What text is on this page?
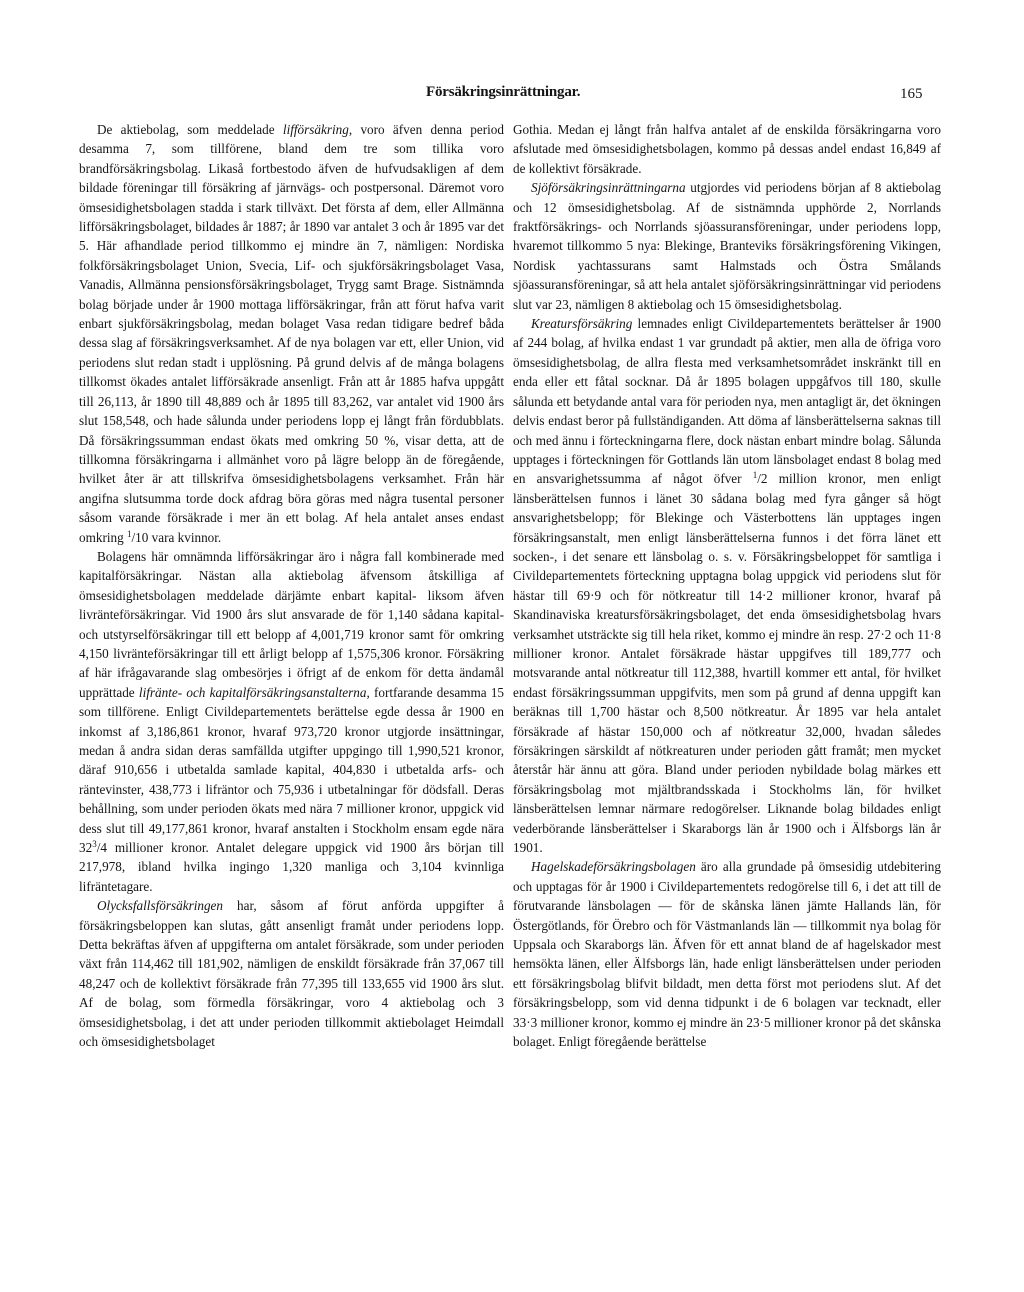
Försäkringsinrättningar.	165

De aktiebolag, som meddelade lifförsäkring, voro äfven denna period desamma 7, som tillförene, bland dem tre som tillika voro brandförsäkringsbolag. Likaså fortbestodo äfven de hufvudsakligen af dem bildade föreningar till försäkring af järnvägs- och postpersonal. Däremot voro ömsesidighetsbolagen stadda i stark tillväxt. Det första af dem, eller Allmänna lifförsäkringsbolaget, bildades år 1887; år 1890 var antalet 3 och år 1895 var det 5. Här afhandlade period tillkommo ej mindre än 7, nämligen: Nordiska folkförsäkringsbolaget Union, Svecia, Lif- och sjukförsäkringsbolaget Vasa, Vanadis, Allmänna pensionsförsäkringsbolaget, Trygg samt Brage. Sistnämnda bolag började under år 1900 mottaga lifförsäkringar, från att förut hafva varit enbart sjukförsäkringsbolag, medan bolaget Vasa redan tidigare bedref båda dessa slag af försäkringsverksamhet. Af de nya bolagen var ett, eller Union, vid periodens slut redan stadt i upplösning. På grund delvis af de många bolagens tillkomst ökades antalet lifförsäkrade ansenligt. Från att år 1885 hafva uppgått till 26,113, år 1890 till 48,889 och år 1895 till 83,262, var antalet vid 1900 års slut 158,548, och hade sålunda under periodens lopp ej långt från fördubblats. Då försäkringssumman endast ökats med omkring 50 %, visar detta, att de tillkomna försäkringarna i allmänhet voro på lägre belopp än de föregående, hvilket åter är att tillskrifva ömsesidighetsbolagens verksamhet. Från här angifna slutsumma torde dock afdrag böra göras med några tusental personer såsom varande försäkrade i mer än ett bolag. Af hela antalet anses endast omkring $^1$/10 vara kvinnor.

Bolagens här omnämnda lifförsäkringar äro i några fall kombinerade med kapitalförsäkringar. Nästan alla aktiebolag äfvensom åtskilliga af ömsesidighetsbolagen meddelade därjämte enbart kapital- liksom äfven livränteförsäkringar. Vid 1900 års slut ansvarade de för 1,140 sådana kapital- och utstyrselförsäkringar till ett belopp af 4,001,719 kronor samt för omkring 4,150 livränteförsäkringar till ett årligt belopp af 1,575,306 kronor. Försäkring af här ifrågavarande slag ombesörjes i öfrigt af de enkom för detta ändamål upprättade lifränte- och kapitalförsäkringsanstalterna, fortfarande desamma 15 som tillförene. Enligt Civildepartementets berättelse egde dessa år 1900 en inkomst af 3,186,861 kronor, hvaraf 973,720 kronor utgjorde insättningar, medan å andra sidan deras samfällda utgifter uppgingo till 1,990,521 kronor, däraf 910,656 i utbetalda samlade kapital, 404,830 i utbetalda arfs- och räntevinster, 438,773 i lifräntor och 75,936 i utbetalningar för dödsfall. Deras behållning, som under perioden ökats med nära 7 millioner kronor, uppgick vid dess slut till 49,177,861 kronor, hvaraf anstalten i Stockholm ensam egde nära $32^3/4$ millioner kronor. Antalet delegare uppgick vid 1900 års början till 217,978, ibland hvilka ingingo 1,320 manliga och 3,104 kvinnliga lifräntetagare.

Olycksfallsförsäkringen har, såsom af förut anförda uppgifter å försäkringsbeloppen kan slutas, gått ansenligt framåt under periodens lopp. Detta bekräftas äfven af uppgifterna om antalet försäkrade, som under perioden växt från 114,462 till 181,902, nämligen de enskildt försäkrade från 37,067 till 48,247 och de kollektivt försäkrade från 77,395 till 133,655 vid 1900 års slut. Af de bolag, som förmedla försäkringar, voro 4 aktiebolag och 3 ömsesidighetsbolag, i det att under perioden tillkommit aktiebolaget Heimdall och ömsesidighetsbolaget

Gothia. Medan ej långt från halfva antalet af de enskilda försäkringarna voro afslutade med ömsesidighetsbolagen, kommo på dessas andel endast 16,849 af de kollektivt försäkrade.

Sjöförsäkringsinrättningarna utgjordes vid periodens början af 8 aktiebolag och 12 ömsesidighetsbolag. Af de sistnämnda upphörde 2, Norrlands fraktförsäkrings- och Norrlands sjöassuransföreningar, under periodens lopp, hvaremot tillkommo 5 nya: Blekinge, Branteviks försäkringsförening Vikingen, Nordisk yachtassurans samt Halmstads och Östra Smålands sjöassuransföreningar, så att hela antalet sjöförsäkringsinrättningar vid periodens slut var 23, nämligen 8 aktiebolag och 15 ömsesidighetsbolag.

Kreatursförsäkring lemnades enligt Civildepartementets berättelser år 1900 af 244 bolag, af hvilka endast 1 var grundadt på aktier, men alla de öfriga voro ömsesidighetsbolag, de allra flesta med verksamhetsområdet inskränkt till en enda eller ett fåtal socknar. Då år 1895 bolagen uppgåfvos till 180, skulle sålunda ett betydande antal vara för perioden nya, men antagligt är, det ökningen delvis endast beror på fullständiganden. Att döma af länsberättelserna saknas till och med ännu i förteckningarna flere, dock nästan enbart mindre bolag. Sålunda upptages i förteckningen för Gottlands län utom länsbolaget endast 8 bolag med en ansvarighetssumma af något öfver $^1$/2 million kronor, men enligt länsberättelsen funnos i länet 30 sådana bolag med fyra gånger så högt ansvarighetsbelopp; för Blekinge och Västerbottens län upptages ingen försäkringsanstalt, men enligt länsberättelserna funnos i det förra länet ett socken-, i det senare ett länsbolag o. s. v. Försäkringsbeloppet för samtliga i Civildepartementets förteckning upptagna bolag uppgick vid periodens slut för hästar till 69·9 och för nötkreatur till 14·2 millioner kronor, hvaraf på Skandinaviska kreatursförsäkringsbolaget, det enda ömsesidighetsbolag hvars verksamhet utsträckte sig till hela riket, kommo ej mindre än resp. 27·2 och 11·8 millioner kronor. Antalet försäkrade hästar uppgifves till 189,777 och motsvarande antal nötkreatur till 112,388, hvartill kommer ett antal, för hvilket endast försäkringssumman uppgifvits, men som på grund af denna uppgift kan beräknas till 1,700 hästar och 8,500 nötkreatur. År 1895 var hela antalet försäkrade af hästar 150,000 och af nötkreatur 32,000, hvadan således försäkringen särskildt af nötkreaturen under perioden gått framåt; men mycket återstår här ännu att göra. Bland under perioden nybildade bolag märkes ett försäkringsbolag mot mjältbrandsskada i Stockholms län, för hvilket länsberättelsen lemnar närmare redogörelser. Liknande bolag bildades enligt vederbörande länsberättelser i Skaraborgs län år 1900 och i Älfsborgs län år 1901.

Hagelskadeförsäkringsbolagen äro alla grundade på ömsesidig utdebitering och upptagas för år 1900 i Civildepartementets redogörelse till 6, i det att till de förutvarande länsbolagen — för de skånska länen jämte Hallands län, för Östergötlands, för Örebro och för Västmanlands län — tillkommit nya bolag för Uppsala och Skaraborgs län. Äfven för ett annat bland de af hagelskador mest hemsökta länen, eller Älfsborgs län, hade enligt länsberättelsen under perioden ett försäkringsbolag blifvit bildadt, men detta först mot periodens slut. Af det försäkringsbelopp, som vid denna tidpunkt i de 6 bolagen var tecknadt, eller 33·3 millioner kronor, kommo ej mindre än 23·5 millioner kronor på det skånska bolaget. Enligt föregående berättelse
